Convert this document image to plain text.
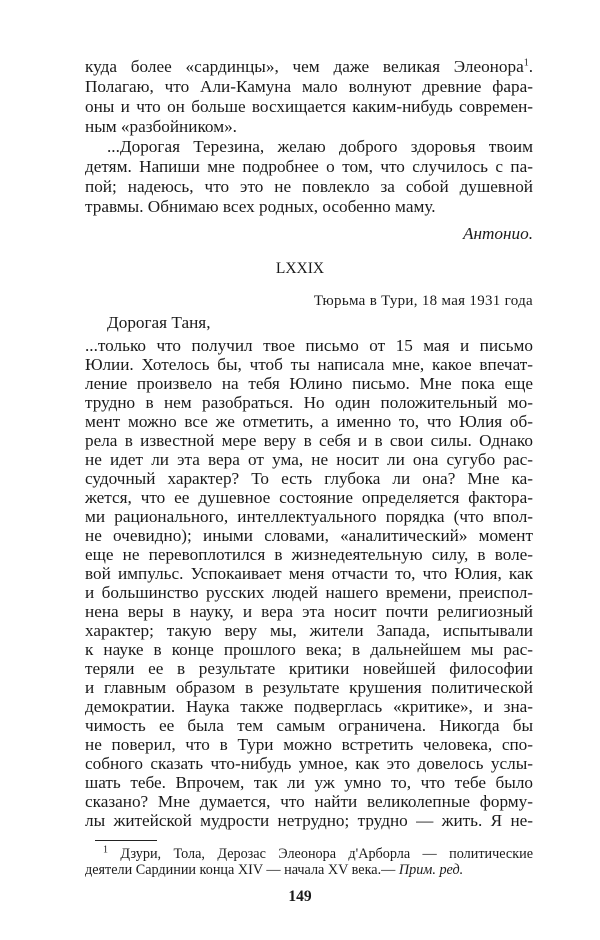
куда более «сардинцы», чем даже великая Элеонора$^1$.
Полагаю, что Али-Камуна мало волнуют древние фара-
оны и что он больше восхищается каким-нибудь современ-
ным «разбойником».
...Дорогая Терезина, желаю доброго здоровья твоим
детям. Напиши мне подробнее о том, что случилось с па-
пой; надеюсь, что это не повлекло за собой душевной
травмы. Обнимаю всех родных, особенно маму.
Антонио.
LXXIX
Тюрьма в Тури, 18 мая 1931 года
Дорогая Таня,
...только что получил твое письмо от 15 мая и письмо
Юлии. Хотелось бы, чтоб ты написала мне, какое впечат-
ление произвело на тебя Юлино письмо. Мне пока еще
трудно в нем разобраться. Но один положительный мо-
мент можно все же отметить, а именно то, что Юлия об-
рела в известной мере веру в себя и в свои силы. Однако
не идет ли эта вера от ума, не носит ли она сугубо рас-
судочный характер? То есть глубока ли она? Мне ка-
жется, что ее душевное состояние определяется фактора-
ми рационального, интеллектуального порядка (что впол-
не очевидно); иными словами, «аналитический» момент
еще не перевоплотился в жизнедеятельную силу, в воле-
вой импульс. Успокаивает меня отчасти то, что Юлия, как
и большинство русских людей нашего времени, преиспол-
нена веры в науку, и вера эта носит почти религиозный
характер; такую веру мы, жители Запада, испытывали
к науке в конце прошлого века; в дальнейшем мы рас-
теряли ее в результате критики новейшей философии
и главным образом в результате крушения политической
демократии. Наука также подверглась «критике», и зна-
чимость ее была тем самым ограничена. Никогда бы
не поверил, что в Тури можно встретить человека, спо-
собного сказать что-нибудь умное, как это довелось услы-
шать тебе. Впрочем, так ли уж умно то, что тебе было
сказано? Мне думается, что найти великолепные форму-
лы житейской мудрости нетрудно; трудно — жить. Я не-
$^1$ Дзури, Тола, Дерозас Элеонора д'Арборла — политические
деятели Сардинии конца XIV — начала XV века.— Прим. ред.
149
